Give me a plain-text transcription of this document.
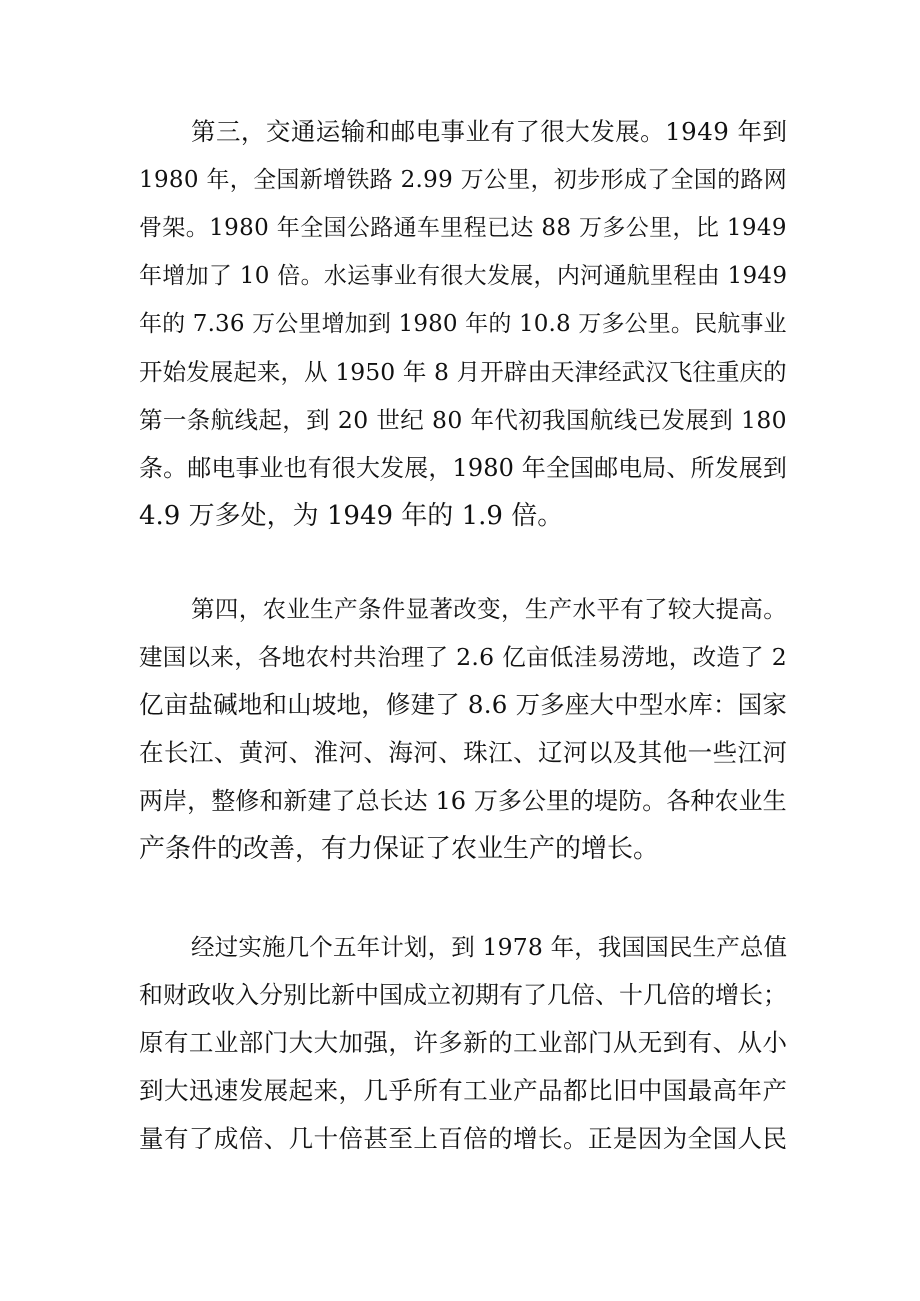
第 三 ， 交 通 运 输 和 邮 电 事 业 有 了 很 大 发 展 。 1 9 4 9
年 到
1 9 8 0
年 ， 全 国 新 增 铁 路
2 . 9 9
万 公 里 ， 初 步 形 成 了 全 国 的 路 网
骨 架 。 1 9 8 0
年 全 国 公 路 通 车 里 程 已 达
8 8
万 多 公 里 ， 比
1 9 4 9
年 增 加 了
1 0
倍 。 水 运 事 业 有 很 大 发 展 ， 内 河 通 航 里 程 由
1 9 4 9
年 的
7 . 3 6
万 公 里 增 加 到
1 9 8 0
年 的
1 0 . 8
万 多 公 里 。 民 航 事 业
开 始 发 展 起 来 ， 从
1 9 5 0
年
8
月 开 辟 由 天 津 经 武 汉 飞 往 重 庆 的
第 一 条 航 线 起 ， 到
2 0
世 纪
8 0
年 代 初 我 国 航 线 已 发 展 到
1 8 0
条 。 邮 电 事 业 也 有 很 大 发 展 ， 1 9 8 0
年 全 国 邮 电 局 、 所 发 展 到
4.9 万多处，为 1949 年的 1.9 倍。
第 四 ， 农 业 生 产 条 件 显 著 改 变 ， 生 产 水 平 有 了 较 大 提 高 。
建 国 以 来 ， 各 地 农 村 共 治 理 了
2 . 6
亿 亩 低 洼 易 涝 地 ， 改 造 了
2
亿 亩 盐 碱 地 和 山 坡 地 ， 修 建 了
8 . 6
万 多 座 大 中 型 水 库 ： 国 家
在 长 江 、 黄 河 、 淮 河 、 海 河 、 珠 江 、 辽 河 以 及 其 他 一 些 江 河
两 岸 ， 整 修 和 新 建 了 总 长 达
1 6
万 多 公 里 的 堤 防 。 各 种 农 业 生
产条件的改善，有力保证了农业生产的增长。
经 过 实 施 几 个 五 年 计 划 ， 到
1 9 7 8
年 ， 我 国 国 民 生 产 总 值
和 财 政 收 入 分 别 比 新 中 国 成 立 初 期 有 了 几 倍 、 十 几 倍 的 增 长 ；
原 有 工 业 部 门 大 大 加 强 ， 许 多 新 的 工 业 部 门 从 无 到 有 、 从 小
到 大 迅 速 发 展 起 来 ， 几 乎 所 有 工 业 产 品 都 比 旧 中 国 最 高 年 产
量 有 了 成 倍 、 几 十 倍 甚 至 上 百 倍 的 增 长 。 正 是 因 为 全 国 人 民
